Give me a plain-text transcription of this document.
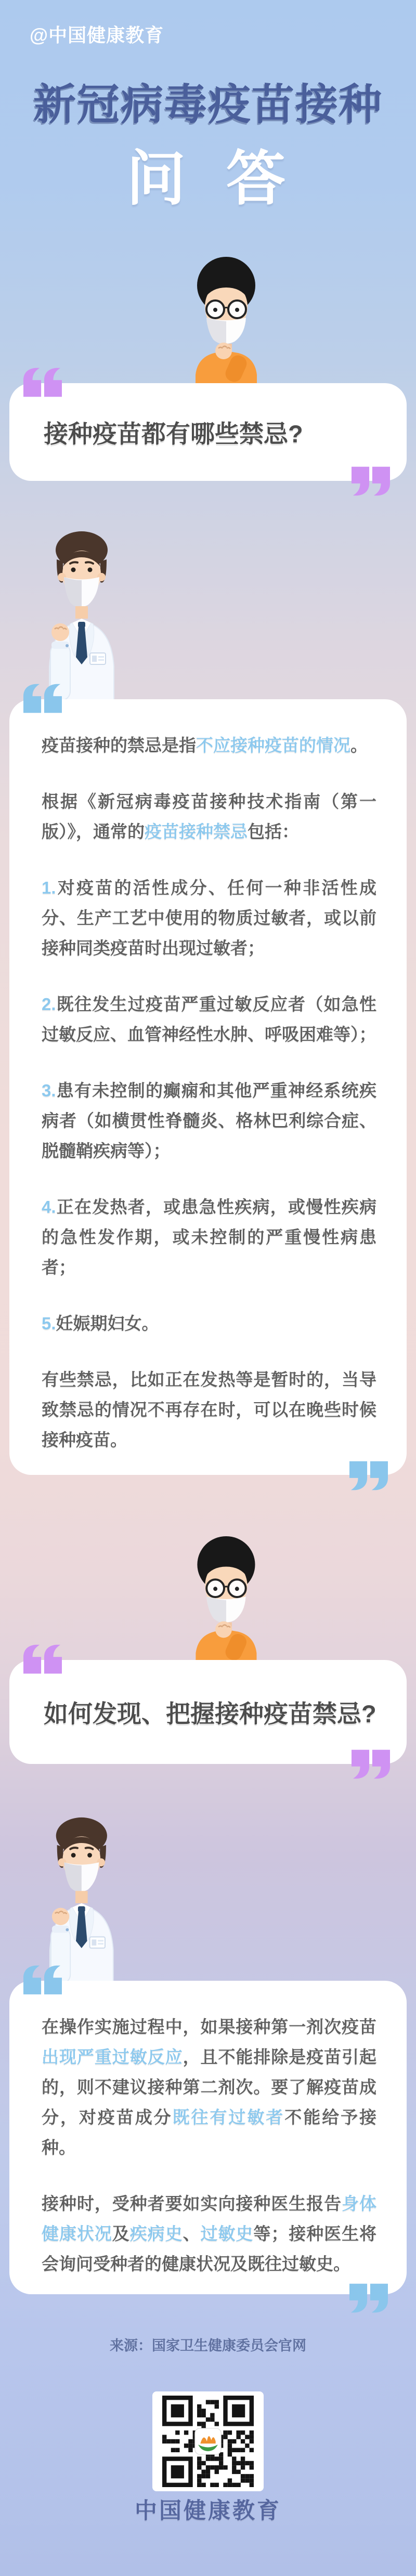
@中国健康教育
新冠病毒疫苗接种
问 答
接种疫苗都有哪些禁忌?

疫苗接种的禁忌是指不应接种疫苗的情况。

根据《新冠病毒疫苗接种技术指南（第一版）》，通常的疫苗接种禁忌包括：

1.对疫苗的活性成分、任何一种非活性成分、生产工艺中使用的物质过敏者，或以前接种同类疫苗时出现过敏者；

2.既往发生过疫苗严重过敏反应者（如急性过敏反应、血管神经性水肿、呼吸困难等）；

3.患有未控制的癫痫和其他严重神经系统疾病者（如横贯性脊髓炎、格林巴利综合症、脱髓鞘疾病等）；

4.正在发热者，或患急性疾病，或慢性疾病的急性发作期，或未控制的严重慢性病患者；

5.妊娠期妇女。

有些禁忌，比如正在发热等是暂时的，当导致禁忌的情况不再存在时，可以在晚些时候接种疫苗。

如何发现、把握接种疫苗禁忌?

在操作实施过程中，如果接种第一剂次疫苗出现严重过敏反应，且不能排除是疫苗引起的，则不建议接种第二剂次。要了解疫苗成分，对疫苗成分既往有过敏者不能给予接种。

接种时，受种者要如实向接种医生报告身体健康状况及疾病史、过敏史等；接种医生将会询问受种者的健康状况及既往过敏史。

来源：国家卫生健康委员会官网
中国健康教育
